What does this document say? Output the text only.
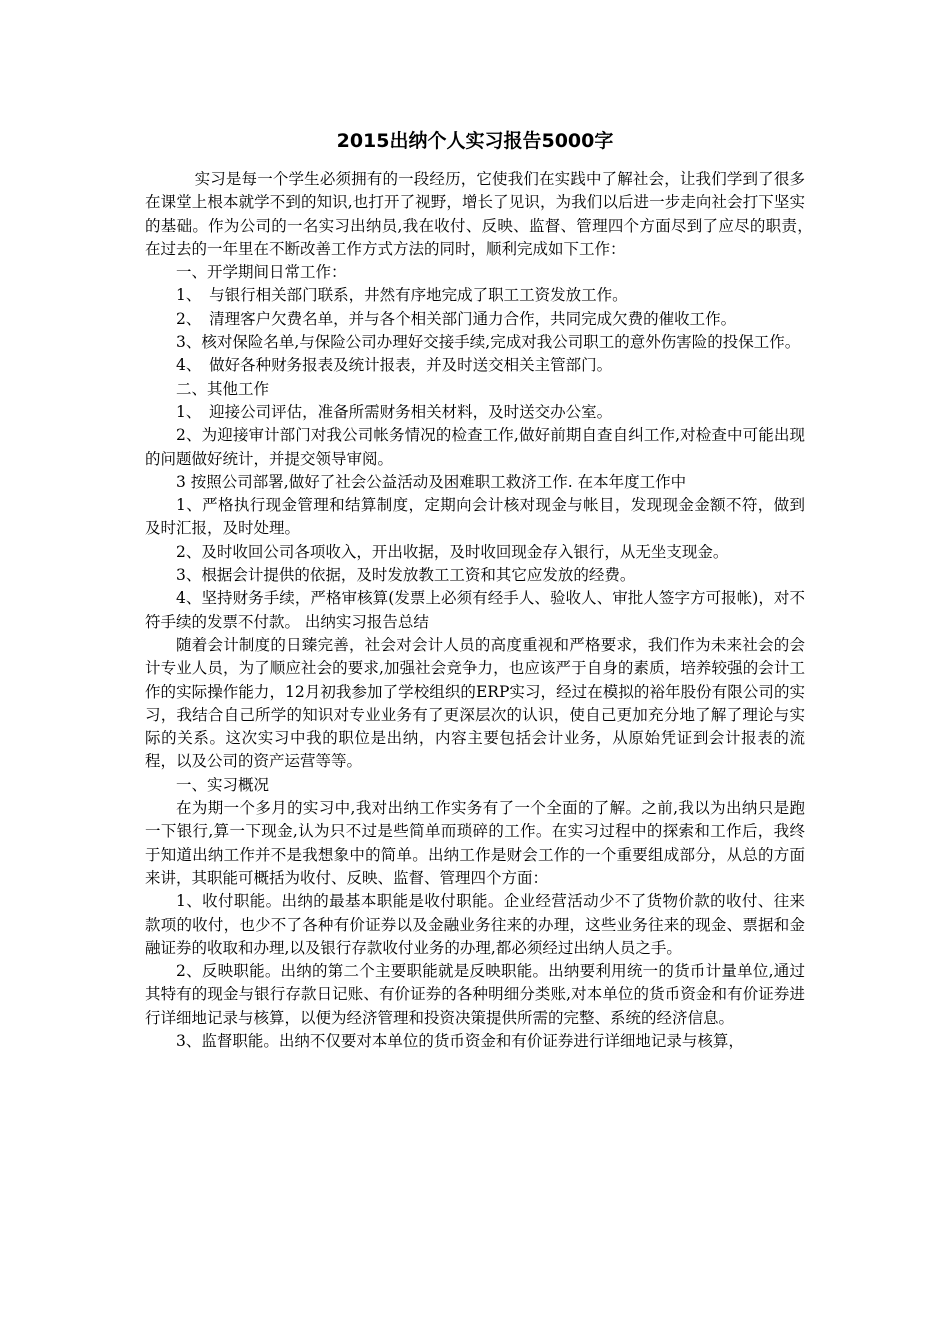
2015出纳个人实习报告5000字

实习是每一个学生必须拥有的一段经历，它使我们在实践中了解社会，让我们学到了很多在课堂上根本就学不到的知识,也打开了视野，增长了见识，为我们以后进一步走向社会打下坚实的基础。作为公司的一名实习出纳员,我在收付、反映、监督、管理四个方面尽到了应尽的职责，　在过去的一年里在不断改善工作方式方法的同时，顺利完成如下工作：

一、开学期间日常工作：

1、　与银行相关部门联系，井然有序地完成了职工工资发放工作。

2、　清理客户欠费名单，并与各个相关部门通力合作，共同完成欠费的催收工作。

3、核对保险名单,与保险公司办理好交接手续,完成对我公司职工的意外伤害险的投保工作。

4、　做好各种财务报表及统计报表，并及时送交相关主管部门。

二、其他工作

1、　迎接公司评估，准备所需财务相关材料，及时送交办公室。

2、为迎接审计部门对我公司帐务情况的检查工作,做好前期自查自纠工作,对检查中可能出现的问题做好统计，并提交领导审阅。

3 按照公司部署,做好了社会公益活动及困难职工救济工作. 在本年度工作中

1、严格执行现金管理和结算制度，定期向会计核对现金与帐目，发现现金金额不符，做到及时汇报，及时处理。

2、及时收回公司各项收入，开出收据，及时收回现金存入银行，从无坐支现金。

3、根据会计提供的依据，及时发放教工工资和其它应发放的经费。

4、坚持财务手续，严格审核算(发票上必须有经手人、验收人、审批人签字方可报帐)，对不符手续的发票不付款。 出纳实习报告总结

随着会计制度的日臻完善，社会对会计人员的高度重视和严格要求，我们作为未来社会的会计专业人员，为了顺应社会的要求,加强社会竞争力，也应该严于自身的素质，培养较强的会计工作的实际操作能力，12月初我参加了学校组织的ERP实习，经过在模拟的裕年股份有限公司的实习，我结合自己所学的知识对专业业务有了更深层次的认识，使自己更加充分地了解了理论与实际的关系。这次实习中我的职位是出纳，内容主要包括会计业务，从原始凭证到会计报表的流程，以及公司的资产运营等等。

一、实习概况

在为期一个多月的实习中,我对出纳工作实务有了一个全面的了解。之前,我以为出纳只是跑一下银行,算一下现金,认为只不过是些简单而琐碎的工作。在实习过程中的探索和工作后，我终于知道出纳工作并不是我想象中的简单。出纳工作是财会工作的一个重要组成部分，从总的方面来讲，其职能可概括为收付、反映、监督、管理四个方面：

1、收付职能。出纳的最基本职能是收付职能。企业经营活动少不了货物价款的收付、往来款项的收付，也少不了各种有价证券以及金融业务往来的办理，这些业务往来的现金、票据和金融证券的收取和办理,以及银行存款收付业务的办理,都必须经过出纳人员之手。

2、反映职能。出纳的第二个主要职能就是反映职能。出纳要利用统一的货币计量单位,通过其特有的现金与银行存款日记账、有价证券的各种明细分类账,对本单位的货币资金和有价证券进行详细地记录与核算，以便为经济管理和投资决策提供所需的完整、系统的经济信息。

3、监督职能。出纳不仅要对本单位的货币资金和有价证券进行详细地记录与核算，
